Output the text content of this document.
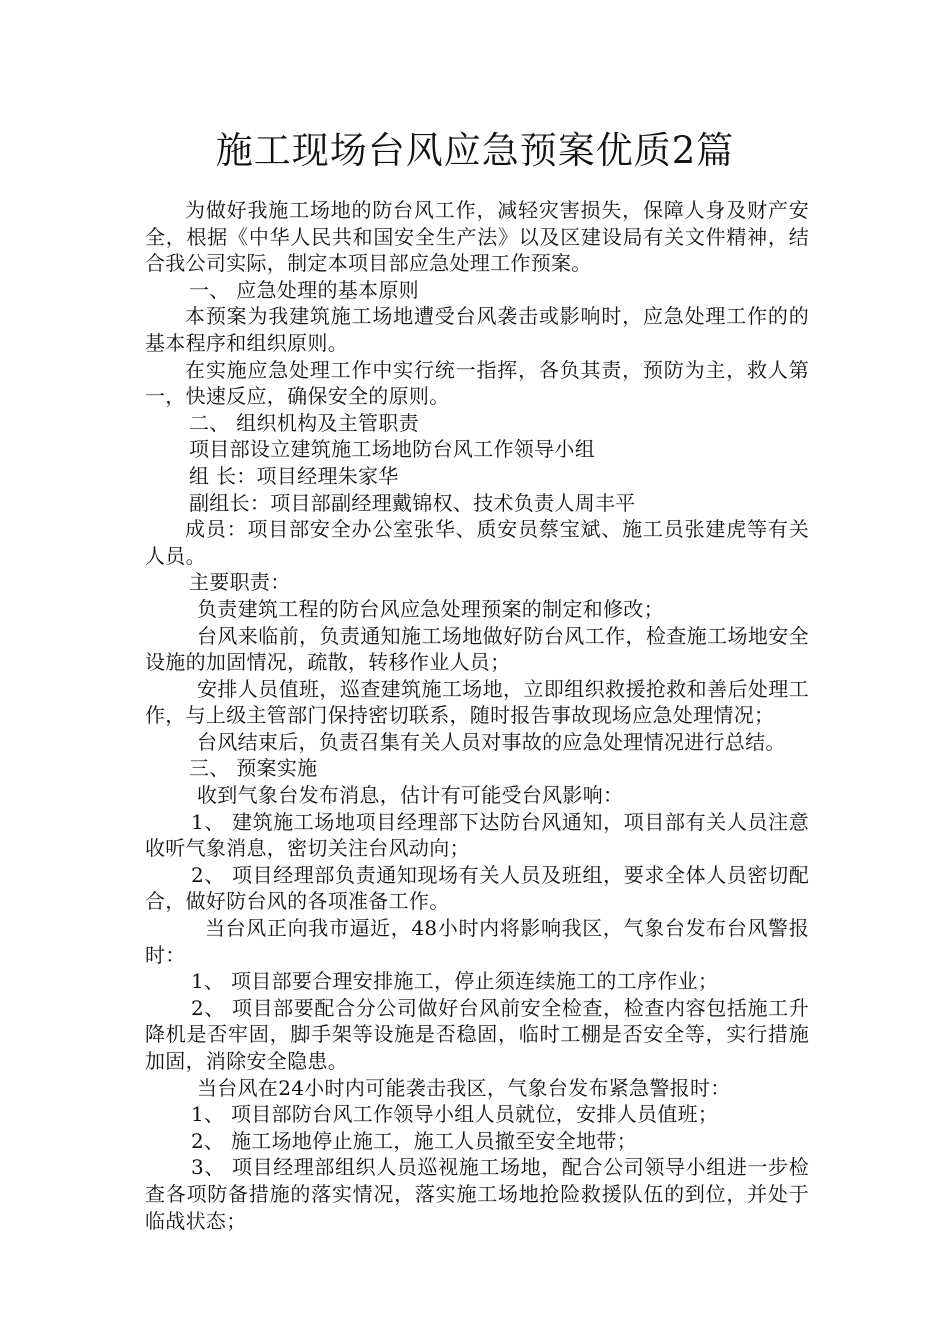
施工现场台风应急预案优质2篇

为做好我施工场地的防台风工作，减轻灾害损失，保障人身及财产安全，根据《中华人民共和国安全生产法》以及区建设局有关文件精神，结合我公司实际，制定本项目部应急处理工作预案。

一、 应急处理的基本原则

本预案为我建筑施工场地遭受台风袭击或影响时，应急处理工作的的基本程序和组织原则。

在实施应急处理工作中实行统一指挥，各负其责，预防为主，救人第一，快速反应，确保安全的原则。

二、 组织机构及主管职责

项目部设立建筑施工场地防台风工作领导小组

组 长：项目经理朱家华

副组长：项目部副经理戴锦权、技术负责人周丰平

成员：项目部安全办公室张华、质安员蔡宝斌、施工员张建虎等有关人员。

主要职责：

负责建筑工程的防台风应急处理预案的制定和修改；

台风来临前，负责通知施工场地做好防台风工作，检查施工场地安全设施的加固情况，疏散，转移作业人员；

安排人员值班，巡查建筑施工场地，立即组织救援抢救和善后处理工作，与上级主管部门保持密切联系，随时报告事故现场应急处理情况；

台风结束后，负责召集有关人员对事故的应急处理情况进行总结。

三、 预案实施

收到气象台发布消息，估计有可能受台风影响：

1、 建筑施工场地项目经理部下达防台风通知，项目部有关人员注意收听气象消息，密切关注台风动向；

2、 项目经理部负责通知现场有关人员及班组，要求全体人员密切配合，做好防台风的各项准备工作。

当台风正向我市逼近，48小时内将影响我区，气象台发布台风警报时：

1、 项目部要合理安排施工，停止须连续施工的工序作业；

2、 项目部要配合分公司做好台风前安全检查，检查内容包括施工升降机是否牢固，脚手架等设施是否稳固，临时工棚是否安全等，实行措施加固，消除安全隐患。

当台风在24小时内可能袭击我区，气象台发布紧急警报时：

1、 项目部防台风工作领导小组人员就位，安排人员值班；

2、 施工场地停止施工，施工人员撤至安全地带；

3、 项目经理部组织人员巡视施工场地，配合公司领导小组进一步检查各项防备措施的落实情况，落实施工场地抢险救援队伍的到位，并处于临战状态；
